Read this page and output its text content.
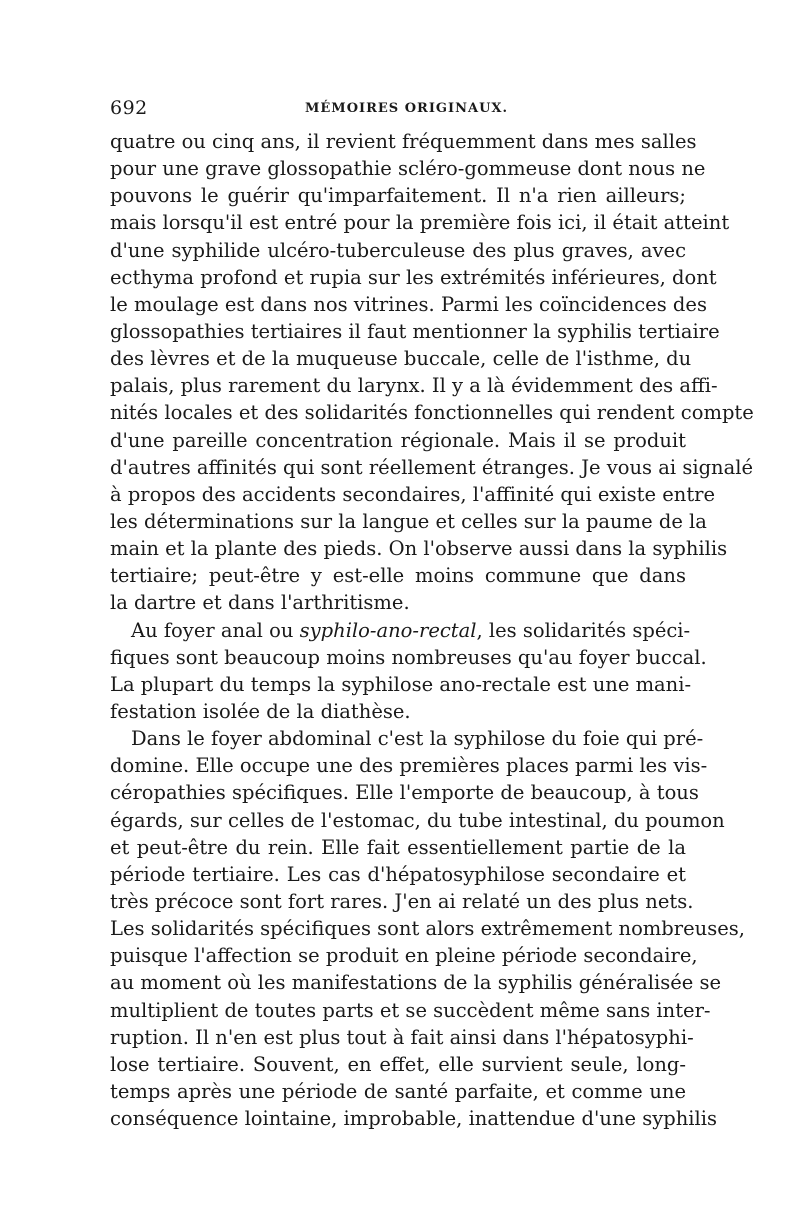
692	MÉMOIRES ORIGINAUX.
quatre ou cinq ans, il revient fréquemment dans mes salles
pour une grave glossopathie scléro-gommeuse dont nous ne
pouvons le guérir qu'imparfaitement. Il n'a rien ailleurs;
mais lorsqu'il est entré pour la première fois ici, il était atteint
d'une syphilide ulcéro-tuberculeuse des plus graves, avec
ecthyma profond et rupia sur les extrémités inférieures, dont
le moulage est dans nos vitrines. Parmi les coïncidences des
glossopathies tertiaires il faut mentionner la syphilis tertiaire
des lèvres et de la muqueuse buccale, celle de l'isthme, du
palais, plus rarement du larynx. Il y a là évidemment des affi-
nités locales et des solidarités fonctionnelles qui rendent compte
d'une pareille concentration régionale. Mais il se produit
d'autres affinités qui sont réellement étranges. Je vous ai signalé
à propos des accidents secondaires, l'affinité qui existe entre
les déterminations sur la langue et celles sur la paume de la
main et la plante des pieds. On l'observe aussi dans la syphilis
tertiaire; peut-être y est-elle moins commune que dans
la dartre et dans l'arthritisme.
Au foyer anal ou syphilo-ano-rectal, les solidarités spéci-
fiques sont beaucoup moins nombreuses qu'au foyer buccal.
La plupart du temps la syphilose ano-rectale est une mani-
festation isolée de la diathèse.
Dans le foyer abdominal c'est la syphilose du foie qui pré-
domine. Elle occupe une des premières places parmi les vis-
céropathies spécifiques. Elle l'emporte de beaucoup, à tous
égards, sur celles de l'estomac, du tube intestinal, du poumon
et peut-être du rein. Elle fait essentiellement partie de la
période tertiaire. Les cas d'hépatosyphilose secondaire et
très précoce sont fort rares. J'en ai relaté un des plus nets.
Les solidarités spécifiques sont alors extrêmement nombreuses,
puisque l'affection se produit en pleine période secondaire,
au moment où les manifestations de la syphilis généralisée se
multiplient de toutes parts et se succèdent même sans inter-
ruption. Il n'en est plus tout à fait ainsi dans l'hépatosyphi-
lose tertiaire. Souvent, en effet, elle survient seule, long-
temps après une période de santé parfaite, et comme une
conséquence lointaine, improbable, inattendue d'une syphilis
